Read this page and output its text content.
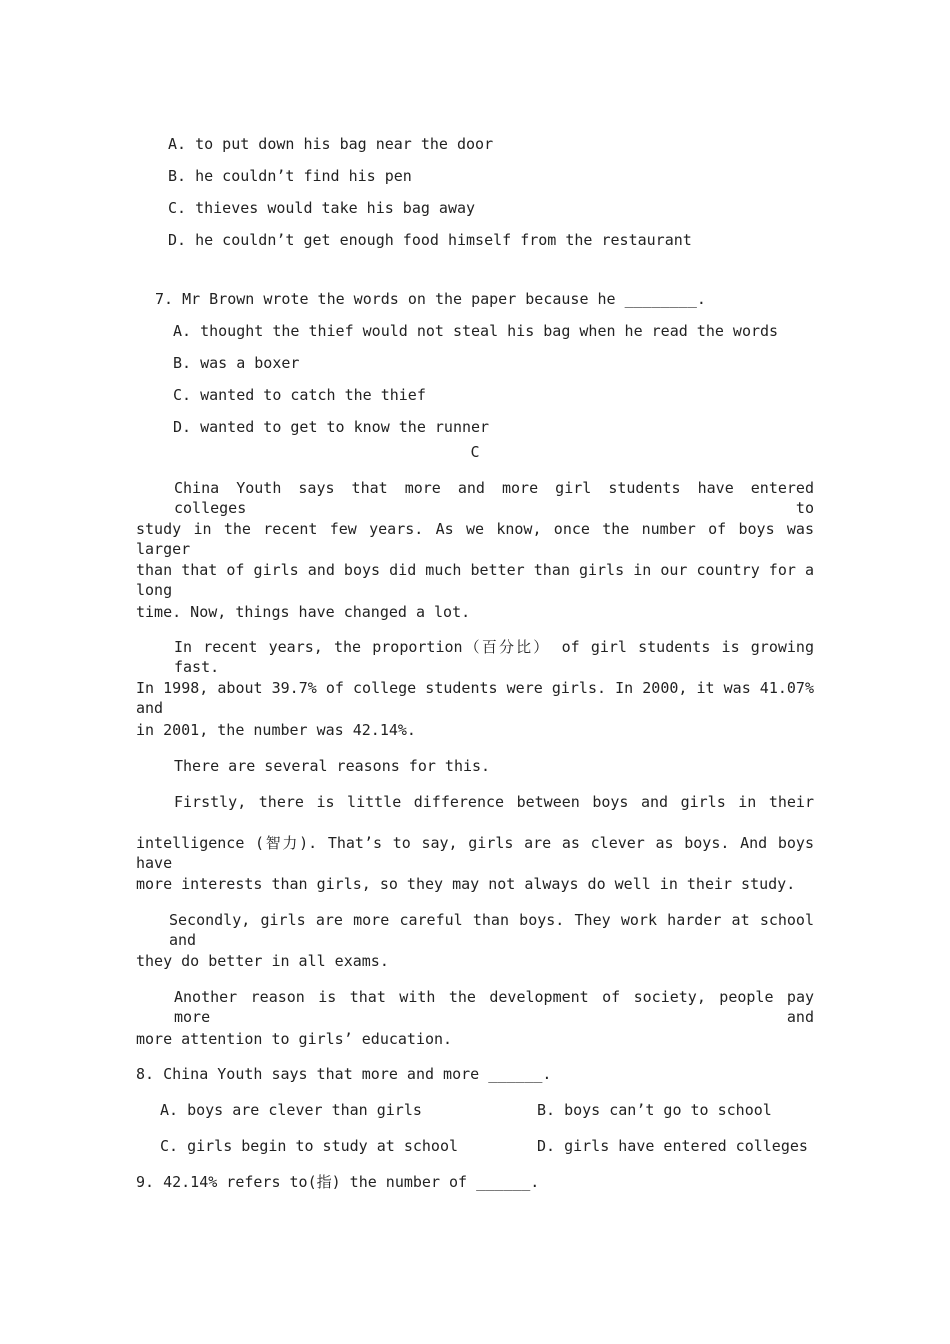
A. to put down his bag near the door
B. he couldn’t find his pen
C. thieves would take his bag away
D. he couldn’t get enough food himself from the restaurant
7. Mr Brown wrote the words on the paper because he ________.
A. thought the thief would not steal his bag when he read the words
B. was a boxer
C. wanted to catch the thief
D. wanted to get to know the runner
C
China Youth says that more and more girl students have entered colleges to
study in the recent few years. As we know, once the number of boys was larger
than that of girls and boys did much better than girls in our country for a long
time. Now, things have changed a lot.
In recent years, the proportion（百分比） of girl students is growing fast.
In 1998, about 39.7% of college students were girls. In 2000, it was 41.07% and
in 2001, the number was 42.14%.
There are several reasons for this.
Firstly, there is little difference between boys and girls in their
intelligence (智力). That’s to say, girls are as clever as boys. And boys have
more interests than girls, so they may not always do well in their study.
Secondly, girls are more careful than boys. They work harder at school and
they do better in all exams.
Another reason is that with the development of society, people pay more and
more attention to girls’ education.
8. China Youth says that more and more ______.
A. boys are clever than girls	B. boys can’t go to school
C. girls begin to study at school	D. girls have entered colleges
9. 42.14% refers to(指) the number of ______.
